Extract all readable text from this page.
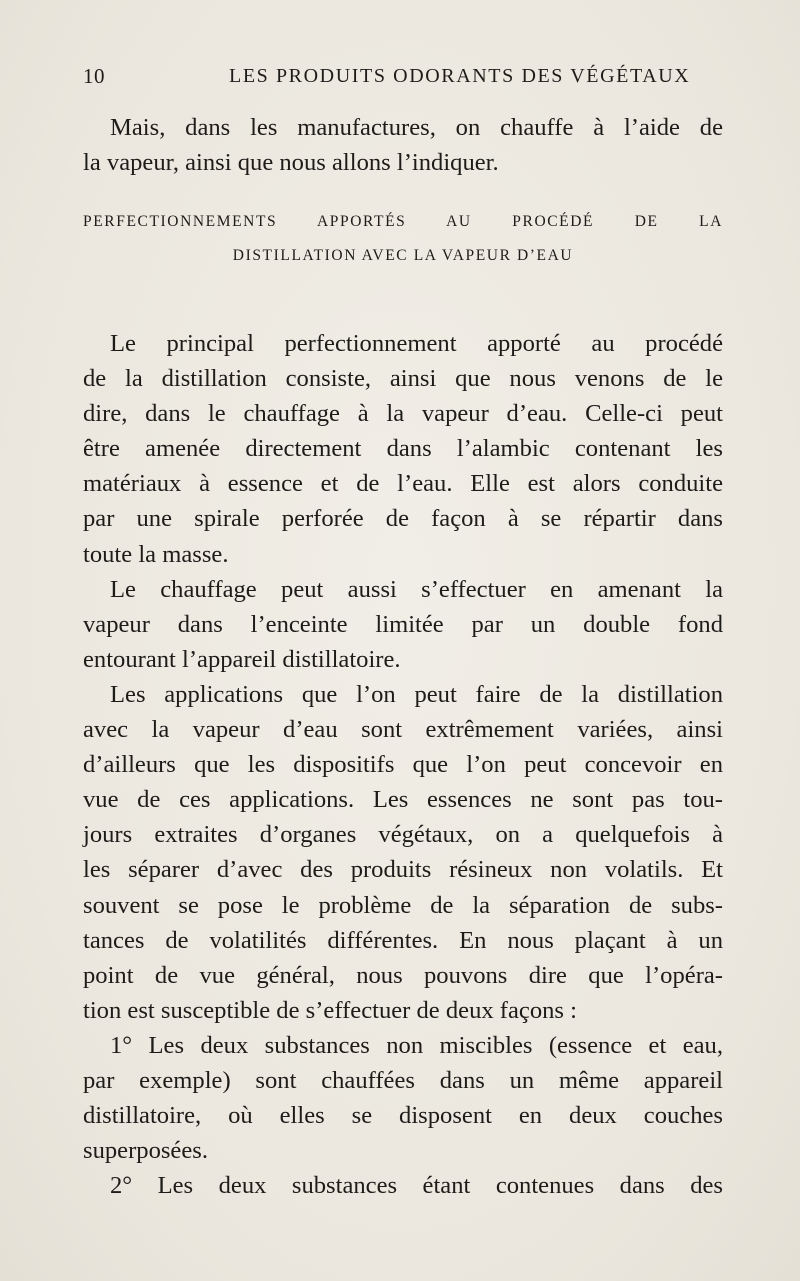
10	LES PRODUITS ODORANTS DES VÉGÉTAUX
Mais, dans les manufactures, on chauffe à l’aide de
la vapeur, ainsi que nous allons l’indiquer.
PERFECTIONNEMENTS APPORTÉS AU PROCÉDÉ DE LA
DISTILLATION AVEC LA VAPEUR D’EAU
Le principal perfectionnement apporté au procédé
de la distillation consiste, ainsi que nous venons de le
dire, dans le chauffage à la vapeur d’eau. Celle-ci peut
être amenée directement dans l’alambic contenant les
matériaux à essence et de l’eau. Elle est alors conduite
par une spirale perforée de façon à se répartir dans
toute la masse.
Le chauffage peut aussi s’effectuer en amenant la
vapeur dans l’enceinte limitée par un double fond
entourant l’appareil distillatoire.
Les applications que l’on peut faire de la distillation
avec la vapeur d’eau sont extrêmement variées, ainsi
d’ailleurs que les dispositifs que l’on peut concevoir en
vue de ces applications. Les essences ne sont pas tou-
jours extraites d’organes végétaux, on a quelquefois à
les séparer d’avec des produits résineux non volatils. Et
souvent se pose le problème de la séparation de subs-
tances de volatilités différentes. En nous plaçant à un
point de vue général, nous pouvons dire que l’opéra-
tion est susceptible de s’effectuer de deux façons :
1° Les deux substances non miscibles (essence et eau,
par exemple) sont chauffées dans un même appareil
distillatoire, où elles se disposent en deux couches
superposées.
2° Les deux substances étant contenues dans des
